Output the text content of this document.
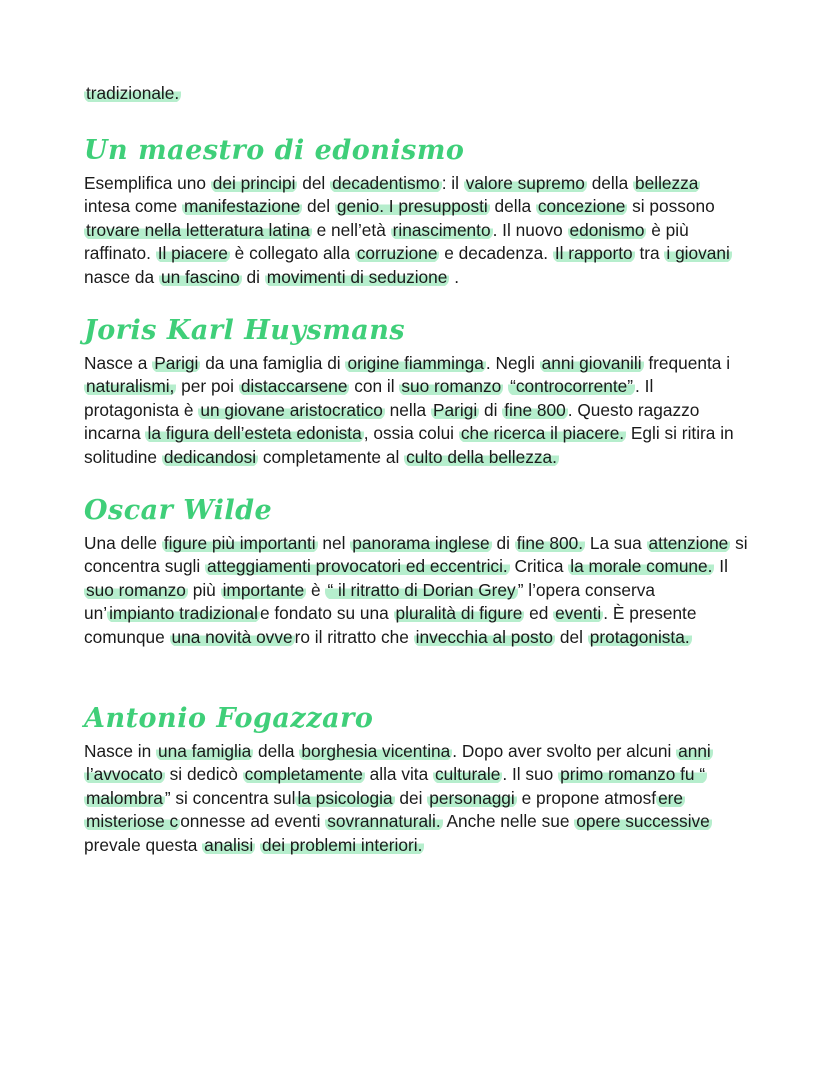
tradizionale.

Un maestro di edonismo

Esemplifica uno dei principi del decadentismo : il valore supremo della bellezza intesa come manifestazione del genio. I presupposti della concezione si possono trovare nella letteratura latina e nell’età rinascimento . Il nuovo edonismo è più raffinato. Il piacere è collegato alla corruzione e decadenza. Il rapporto tra i giovani nasce da un fascino di movimenti di seduzione .

Joris Karl Huysmans

Nasce a Parigi da una famiglia di origine fiamminga . Negli anni giovanili frequenta i naturalismi, per poi distaccarsene con il suo romanzo “controcorrente” . Il protagonista è un giovane aristocratico nella Parigi di fine 800 . Questo ragazzo incarna la figura dell’esteta edonista , ossia colui che ricerca il piacere. Egli si ritira in solitudine dedicandosi completamente al culto della bellezza.

Oscar Wilde

Una delle figure più importanti nel panorama inglese di fine 800. La sua attenzione si concentra sugli atteggiamenti provocatori ed eccentrici. Critica la morale comune. Il suo romanzo più importante è “ il ritratto di Dorian Grey ” l’opera conserva un’ impianto tradizional e fondato su una pluralità di figure ed eventi . È presente comunque una novità ovve ro il ritratto che invecchia al posto del protagonista.

Antonio Fogazzaro

Nasce in una famiglia della borghesia vicentina . Dopo aver svolto per alcuni anni l’avvocato si dedicò completamente alla vita culturale . Il suo primo romanzo fu “ malombra ” si concentra sul la psicologia dei personaggi e propone atmosf ere misteriose c onnesse ad eventi sovrannaturali. Anche nelle sue opere successive prevale questa analisi dei problemi interiori.
